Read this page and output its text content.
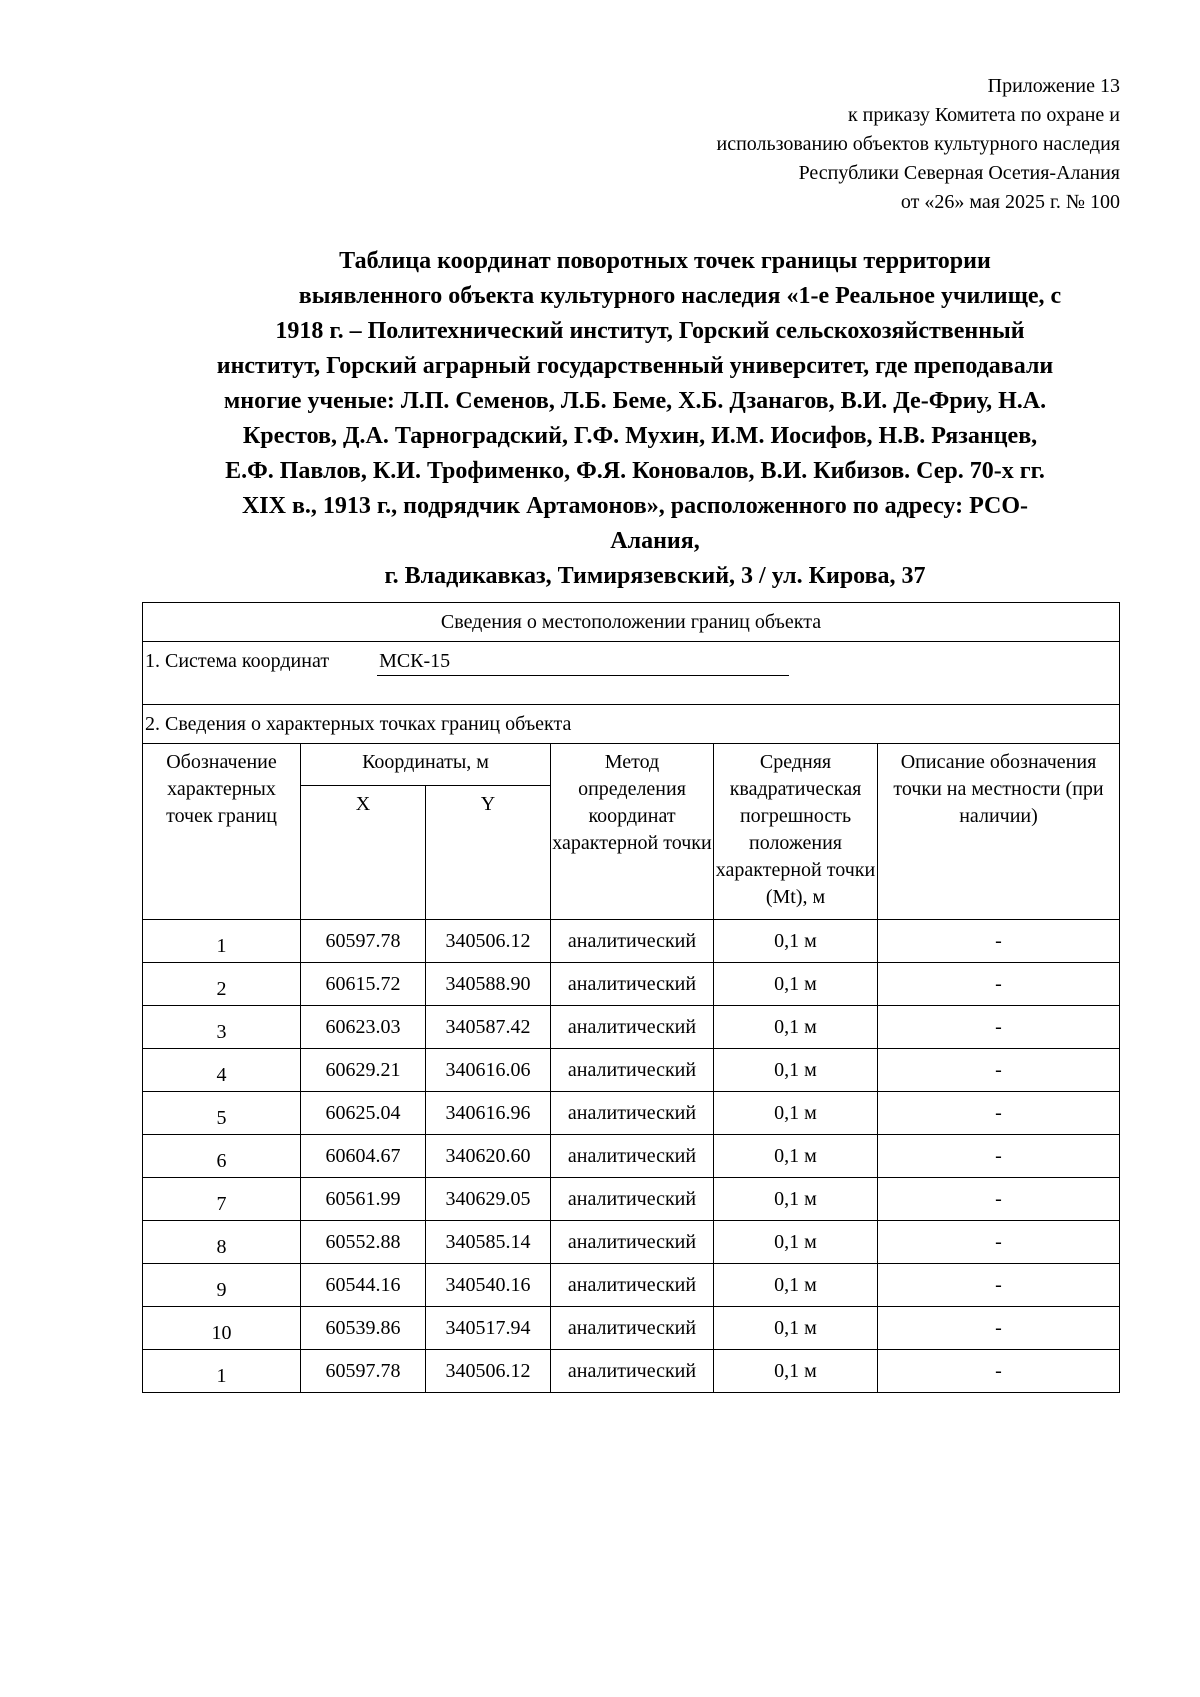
Приложение 13
к приказу Комитета по охране и
использованию объектов культурного наследия
Республики Северная Осетия-Алания
от «26» мая 2025 г. № 100
Таблица координат поворотных точек границы территории
выявленного объекта культурного наследия «1-е Реальное училище, с
1918 г. – Политехнический институт, Горский сельскохозяйственный
институт, Горский аграрный государственный университет, где преподавали
многие ученые: Л.П. Семенов, Л.Б. Беме, Х.Б. Дзанагов, В.И. Де-Фриу, Н.А.
Крестов, Д.А. Тарноградский, Г.Ф. Мухин, И.М. Иосифов, Н.В. Рязанцев,
Е.Ф. Павлов, К.И. Трофименко, Ф.Я. Коновалов, В.И. Кибизов. Сер. 70-х гг.
XIX в., 1913 г., подрядчик Артамонов», расположенного по адресу: РСО-
Алания,
г. Владикавказ, Тимирязевский, 3 / ул. Кирова, 37
Сведения о местоположении границ объекта					

1. Система координат МСК-15					

2. Сведения о характерных точках границ объекта					
Обозначение характерных точек границ	Координаты, м		Метод определения координат характерной точки	Средняя квадратическая погрешность положения характерной точки (Mt), м	Описание обозначения точки на местности (при наличии)
	X	Y			
1	60597.78	340506.12	аналитический	0,1 м	-
2	60615.72	340588.90	аналитический	0,1 м	-
3	60623.03	340587.42	аналитический	0,1 м	-
4	60629.21	340616.06	аналитический	0,1 м	-
5	60625.04	340616.96	аналитический	0,1 м	-
6	60604.67	340620.60	аналитический	0,1 м	-
7	60561.99	340629.05	аналитический	0,1 м	-
8	60552.88	340585.14	аналитический	0,1 м	-
9	60544.16	340540.16	аналитический	0,1 м	-
10	60539.86	340517.94	аналитический	0,1 м	-
1	60597.78	340506.12	аналитический	0,1 м	-
